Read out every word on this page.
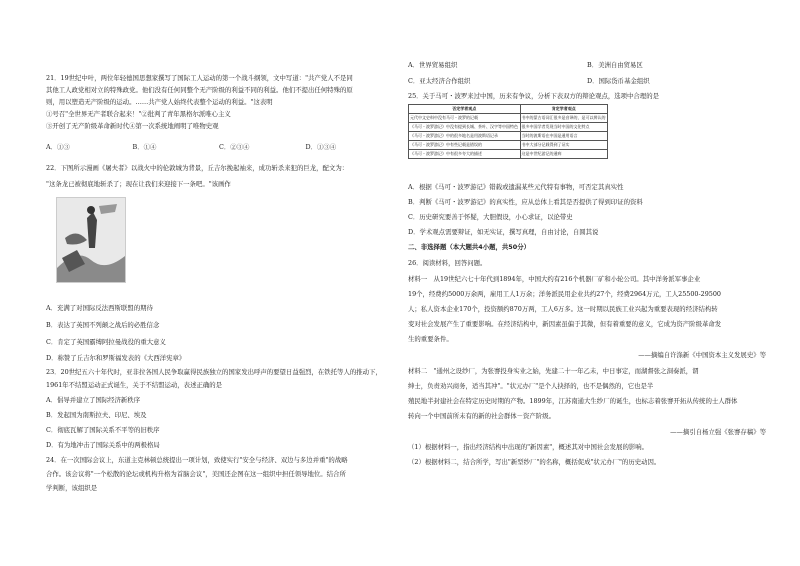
21．19世纪中叶，两位年轻德国思想家撰写了国际工人运动的第一个战斗纲领，文中写道："共产党人不是同
其他工人政党相对立的特殊政党。他们没有任何同整个无产阶级的利益不同的利益。他们不提出任何特殊的原
则，用以塑造无产阶级的运动。……共产党人始终代表整个运动的利益。"这表明
①号召"全世界无产者联合起来！"②批判了青年黑格尔派唯心主义
③开创了无产阶级革命新时代④第一次系统地阐明了唯物史观
A．①③	B．①④	C．②③④	D．①③④
22．下图所示漫画《屠夫者》以战火中的伦敦城为背景，丘吉尔挽起袖来，成功斩杀来犯的巨龙，配文为：
"这条龙已被彻底地斩杀了；现在让我们来迎接下一条吧。"该画作
A．充满了对国际反法西斯联盟的期待
B．表达了英国不列颠之战后的必胜信念
C．肯定了英国霸缚阿拉曼战役的重大意义
D．称赞了丘吉尔和罗斯福发表的《大西洋宪章》
23．20世纪五六十年代时，亚非拉各国人民争取赢得民族独立的国家发出呼声的要望日益强烈，在铁托等人的推动下，
1961年不结盟运动正式诞生，关于不结盟运动，表述正确的是
A．倡导并建立了国际经济新秩序
B．发起国为南斯拉夫、印尼、埃及
C．彻底瓦解了国际关系不平等的旧秩序
D．有为地冲击了国际关系中的两极格局
24．在一次国际会议上，东道主克林顿总统提出一项计划，致使实行"安全与经济、双边与多边并重"的战略
合作。该会议将"一个松散的论坛或机构升格为首脑会议"，美国还企图在这一组织中担任领导地位。结合所
学判断，该组织是
A．世界贸易组织	B．美洲自由贸易区
C．亚太经济合作组织	D．国际货币基金组织
25．关于马可・波罗来过中国，历来有争议，分析下表双方的辩论观点，选项中合理的是
否定学者观点	肯定学者观点
元代中文史料中没有马可・波罗的记载	书中的蒙古语词汇很多是音译的，是可以辨认的
《马可・波罗游记》中没有提到长城、茶叶、汉字等中国特色	很多中国学者发现当时中国的文化特点
《马可・波罗游记》中的很多地名是用波斯语记录	当时的波斯语在中国是通用语言
《马可・波罗游记》中有些记载是错误的	书中大部分记载得到了证实
《马可・波罗游记》中有很多夸大的描述	这是中世纪游记的通病
A．根据《马可・波罗游记》错载或遗漏某些元代特有事物，可否定其真实性
B．判断《马可・波罗游记》的真实性，应从总体上看其是否提供了得到印证的资料
C．历史研究要善于怀疑，大胆假设，小心求证，以论带史
D．学术观点需要辩证，如无实证，撰写真理，自由讨论，自圆其说
二、非选择题（本大题共4小题，共50分）
26．阅读材料，回答问题。
材料一　从19世纪六七十年代到1894年，中国大约有216个机器厂矿和小轮公司。其中洋务派军事企业
19个，经费约5000万余两，雇用工人1万余；洋务派民用企业共约27个，经费2964万元，工人25500-29500
人；私人资本企业170个，投资额约870万两，工人6万多。这一时期以民族工业兴起为重要表现的经济结构转
变对社会发展产生了重要影响。在经济结构中，新因素虽偏于其微，但有着重要的意义，它成为资产阶级革命发
生的重要条件。
——摘编自许涤新《中国资本主义发展史》等
材料二　"通州之设纱厂，为张謇投身实业之始，先建二十一年乙未，中日事定，而湖督张之洞奏派，谓
绅士，负责劝兴商务，适当其冲"。"状元办厂"是个人抉择的，也不是偶然的，它也是半
殖民地半封建社会在特定历史时期的产物。1899年，江苏南通大生纱厂的诞生，也标志着张謇开拓从传统的士人群体
转向一个中国前所未有的新的社会群体－资产阶级。
——摘引自杨立强《张謇存稿》等
（1）根据材料一，指出经济结构中出现的"新因素"，概述其对中国社会发展的影响。
（2）根据材料二，结合所学，写出"新型纱厂"的名称，概括促成"状元办厂"的历史动因。
